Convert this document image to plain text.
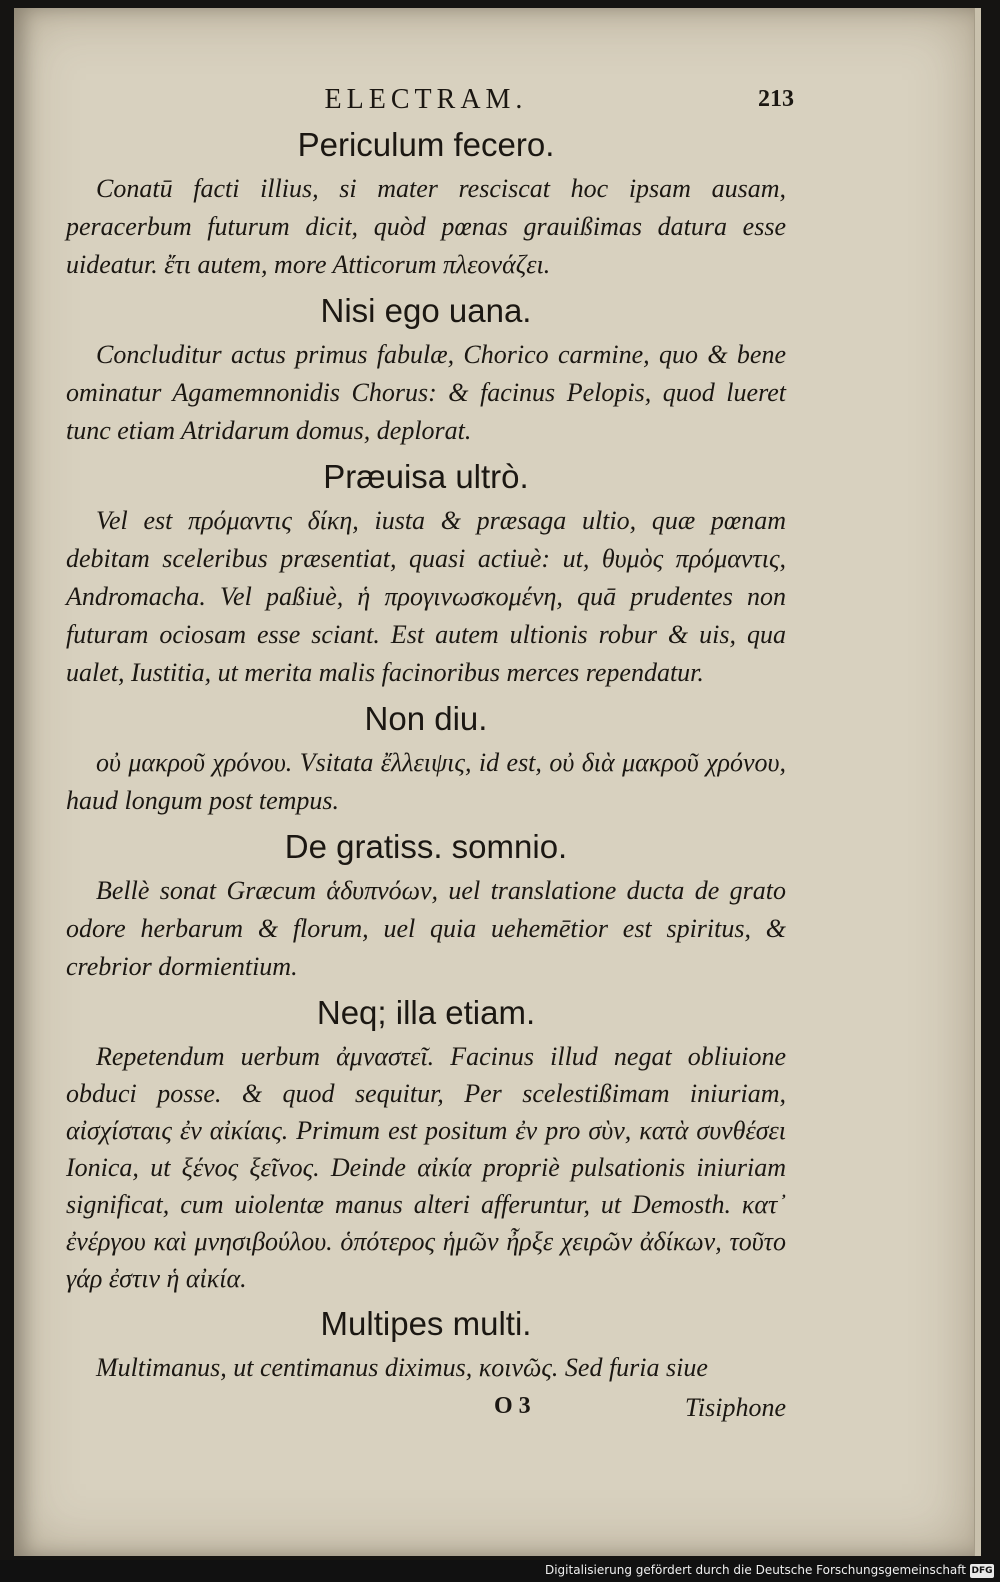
ELECTRAM.	213
Periculum fecero.

Conatū facti illius, si mater resciscat hoc ipsam ausam, peracerbum futurum dicit, quòd pœnas grauißimas datura esse uideatur. ἔτι autem, more Atticorum πλεονάζει.

Nisi ego uana.

Concluditur actus primus fabulæ, Chorico carmine, quo & bene ominatur Agamemnonidis Chorus: & facinus Pelopis, quod lueret tunc etiam Atridarum domus, deplorat.

Præuisa ultrò.

Vel est πρόμαντις δίκη, iusta & præsaga ultio, quæ pœnam debitam sceleribus præsentiat, quasi actiuè: ut, θυμὸς πρόμαντις, Andromacha. Vel paßiuè, ἡ προγινωσκομένη, quā prudentes non futuram ociosam esse sciant. Est autem ultionis robur & uis, qua ualet, Iustitia, ut merita malis facinoribus merces rependatur.

Non diu.

οὐ μακροῦ χρόνου. Vsitata ἔλλειψις, id est, οὐ διὰ μακροῦ χρόνου, haud longum post tempus.

De gratiss. somnio.

Bellè sonat Græcum ἁδυπνόων, uel translatione ducta de grato odore herbarum & florum, uel quia uehemētior est spiritus, & crebrior dormientium.

Neq; illa etiam.

Repetendum uerbum ἀμναστεῖ. Facinus illud negat obliuione obduci posse. & quod sequitur, Per scelestißimam iniuriam, αἰσχίσταις ἐν αἰκίαις. Primum est positum ἐν pro σὺν, κατὰ συνθέσει Ionica, ut ξένος ξεῖνος. Deinde αἰκία propriè pulsationis iniuriam significat, cum uiolentæ manus alteri afferuntur, ut Demosth. κατ᾽ ἐνέργου καὶ μνησιβούλου. ὁπότερος ἡμῶν ἦρξε χειρῶν ἀδίκων, τοῦτο γάρ ἐστιν ἡ αἰκία.

Multipes multi.

Multimanus, ut centimanus diximus, κοινῶς. Sed furia siue

O 3	Tisiphone
Digitalisierung gefördert durch die Deutsche Forschungsgemeinschaft DFG
